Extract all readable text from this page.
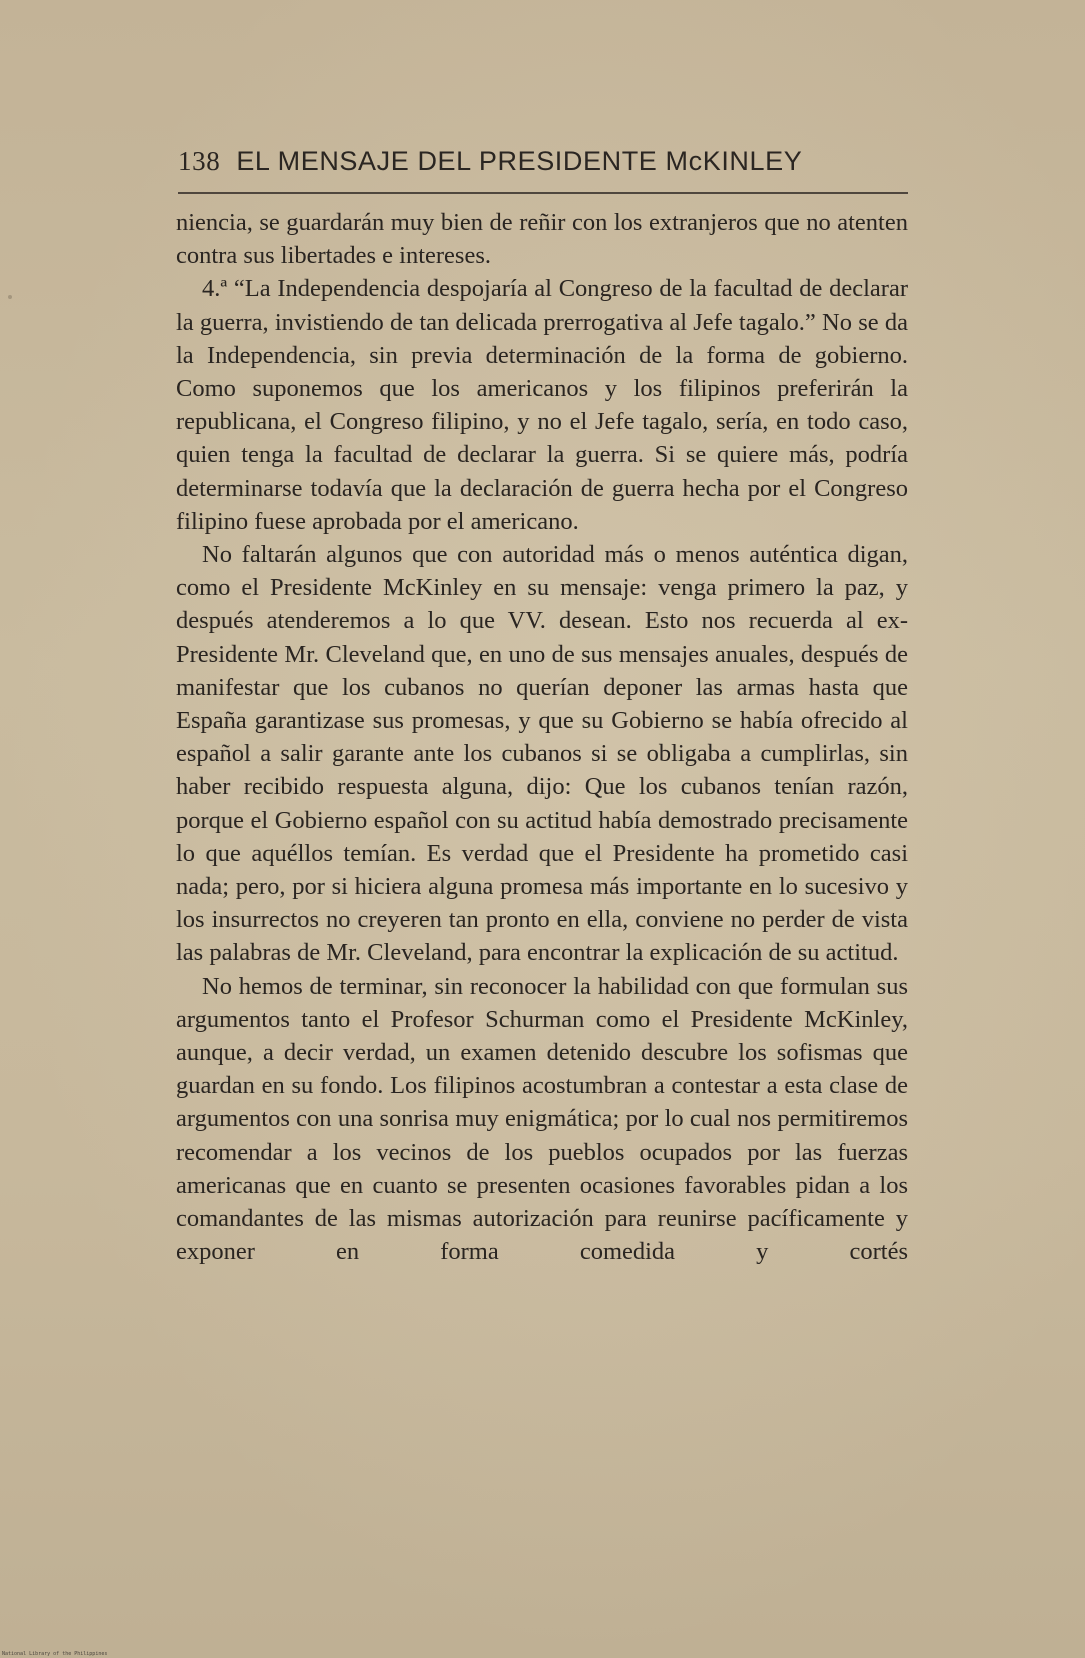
138 EL MENSAJE DEL PRESIDENTE McKINLEY

niencia, se guardarán muy bien de reñir con los extranjeros que no atenten contra sus libertades e intereses.

4.ª “La Independencia despojaría al Congreso de la facultad de declarar la guerra, invistiendo de tan delicada prerrogativa al Jefe tagalo.” No se da la Independencia, sin previa determinación de la forma de gobierno. Como suponemos que los americanos y los filipinos preferirán la republicana, el Congreso filipino, y no el Jefe tagalo, sería, en todo caso, quien tenga la facultad de declarar la guerra. Si se quiere más, podría determinarse todavía que la declaración de guerra hecha por el Congreso filipino fuese aprobada por el americano.

No faltarán algunos que con autoridad más o menos auténtica digan, como el Presidente McKinley en su mensaje: venga primero la paz, y después atenderemos a lo que VV. desean. Esto nos recuerda al ex-Presidente Mr. Cleveland que, en uno de sus mensajes anuales, después de manifestar que los cubanos no querían deponer las armas hasta que España garantizase sus promesas, y que su Gobierno se había ofrecido al español a salir garante ante los cubanos si se obligaba a cumplirlas, sin haber recibido respuesta alguna, dijo: Que los cubanos tenían razón, porque el Gobierno español con su actitud había demostrado precisamente lo que aquéllos temían. Es verdad que el Presidente ha prometido casi nada; pero, por si hiciera alguna promesa más importante en lo sucesivo y los insurrectos no creyeren tan pronto en ella, conviene no perder de vista las palabras de Mr. Cleveland, para encontrar la explicación de su actitud.

No hemos de terminar, sin reconocer la habilidad con que formulan sus argumentos tanto el Profesor Schurman como el Presidente McKinley, aunque, a decir verdad, un examen detenido descubre los sofismas que guardan en su fondo. Los filipinos acostumbran a contestar a esta clase de argumentos con una sonrisa muy enigmática; por lo cual nos permitiremos recomendar a los vecinos de los pueblos ocupados por las fuerzas americanas que en cuanto se presenten ocasiones favorables pidan a los comandantes de las mismas autorización para reunirse pacíficamente y exponer en forma comedida y cortés

National Library of the Philippines
